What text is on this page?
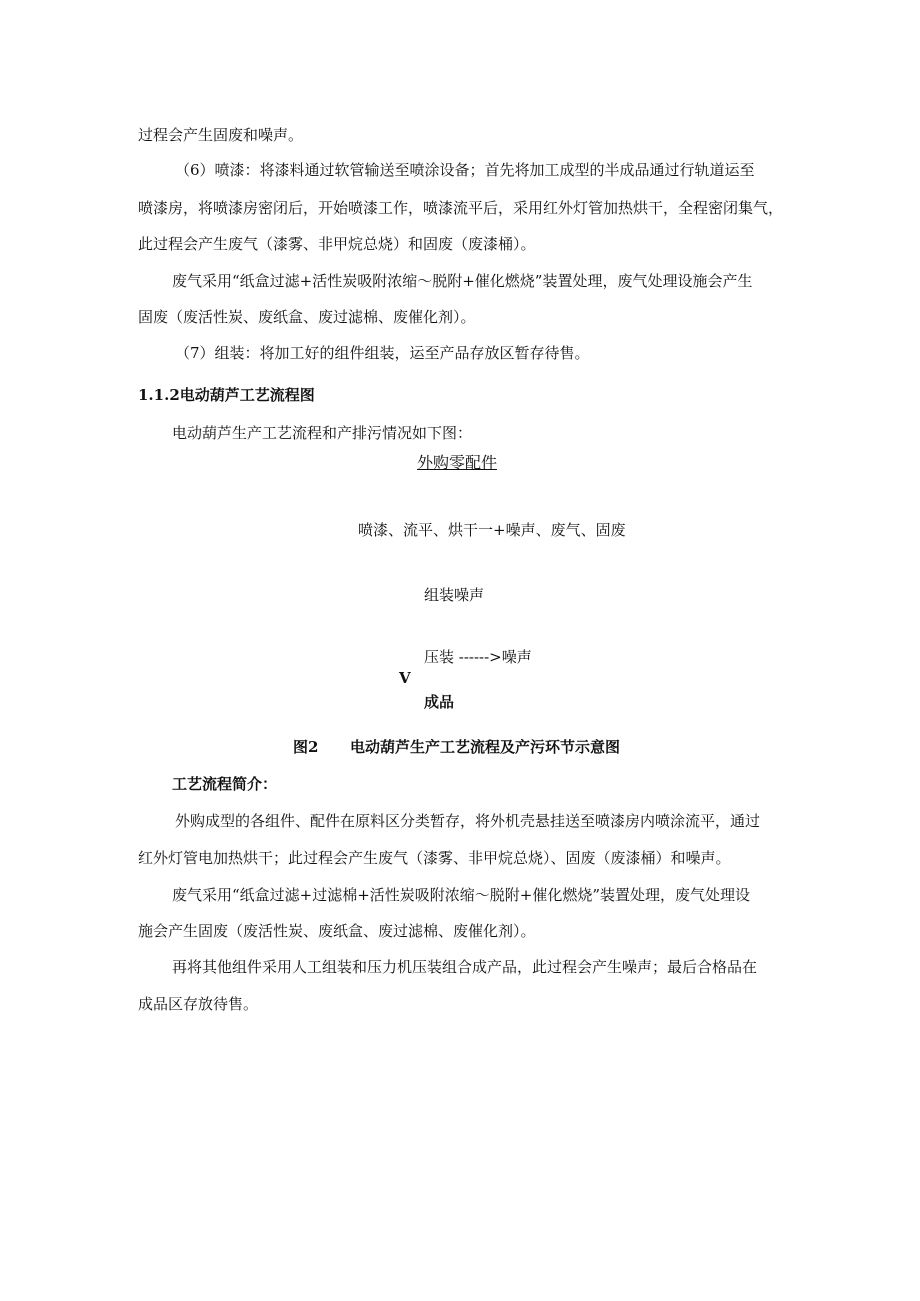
过程会产生固废和噪声。
（6）喷漆：将漆料通过软管输送至喷涂设备；首先将加工成型的半成品通过行轨道运至
喷漆房，将喷漆房密闭后，开始喷漆工作，喷漆流平后，采用红外灯管加热烘干，全程密闭集气，
此过程会产生废气（漆雾、非甲烷总烧）和固废（废漆桶）。
废气采用“纸盒过滤+活性炭吸附浓缩～脱附+催化燃烧”装置处理，废气处理设施会产生
固废（废活性炭、废纸盒、废过滤棉、废催化剂）。
（7）组装：将加工好的组件组装，运至产品存放区暂存待售。
1.1.2电动葫芦工艺流程图
电动葫芦生产工艺流程和产排污情况如下图：
外购零配件
喷漆、流平、烘干一+噪声、废气、固废
组装噪声
压装 ------>噪声
V
成品
图2 电动葫芦生产工艺流程及产污环节示意图
工艺流程简介：
外购成型的各组件、配件在原料区分类暂存，将外机壳悬挂送至喷漆房内喷涂流平，通过
红外灯管电加热烘干；此过程会产生废气（漆雾、非甲烷总烧）、固废（废漆桶）和噪声。
废气采用“纸盒过滤+过滤棉+活性炭吸附浓缩～脱附+催化燃烧”装置处理，废气处理设
施会产生固废（废活性炭、废纸盒、废过滤棉、废催化剂）。
再将其他组件采用人工组装和压力机压装组合成产品，此过程会产生噪声；最后合格品在
成品区存放待售。
